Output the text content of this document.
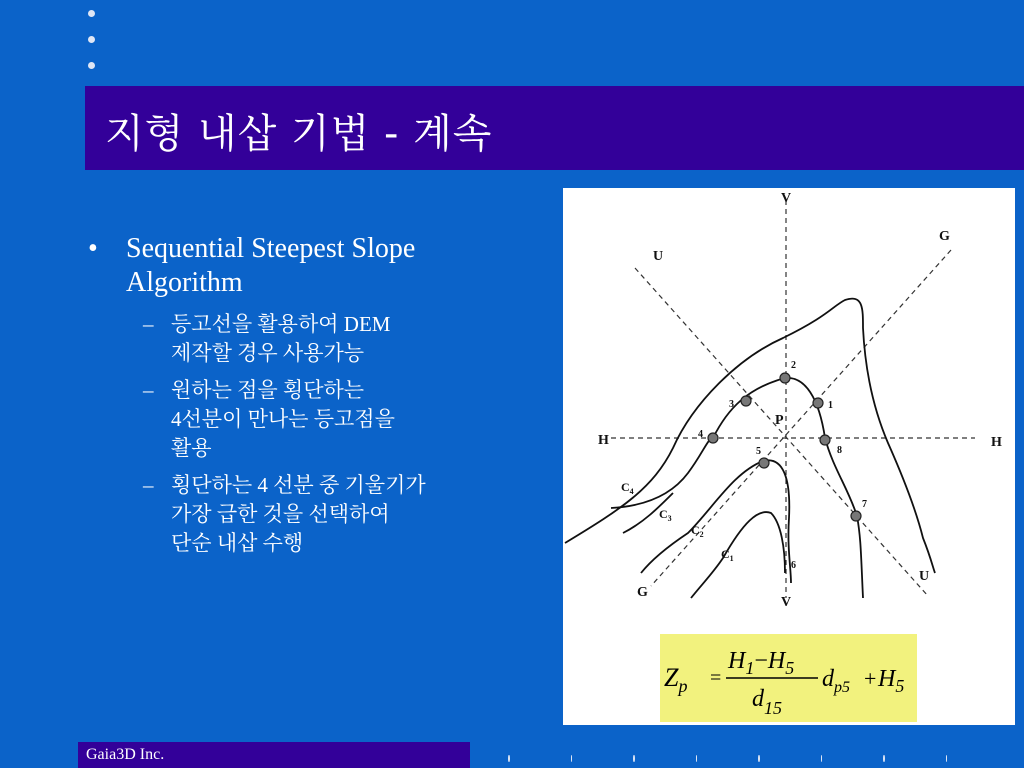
지형 내삽 기법 - 계속
•	Sequential Steepest Slope
Algorithm
– 등고선을 활용하여 DEM
제작할 경우 사용가능
– 원하는 점을 횡단하는
4선분이 만나는 등고점을
활용
– 횡단하는 4 선분 중 기울기가
가장 급한 것을 선택하여
단순 내삽 수행
V
V
H	H
U
U
G
G
P
1
2
3
4
5
6
7
8
$C_1$
$C_2$
$C_3$
$C_4$
$Z_p$ =
$H_1-H_5$
$d_{15}$
$d_{p5} + H_5$
Gaia3D Inc.
